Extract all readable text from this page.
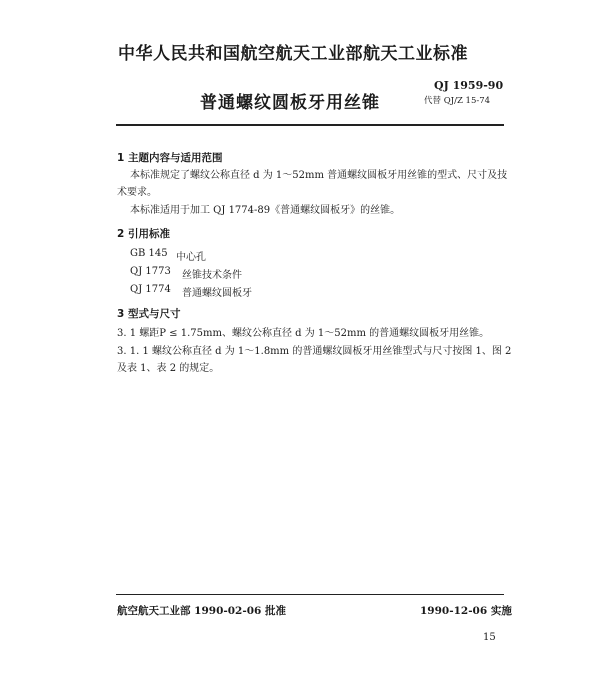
中华人民共和国航空航天工业部航天工业标准
QJ 1959-90
普通螺纹圆板牙用丝锥	代替 QJ/Z 15-74
1 主题内容与适用范围
本标准规定了螺纹公称直径 d 为 1～52mm 普通螺纹圆板牙用丝锥的型式、尺寸及技
术要求。
本标准适用于加工 QJ 1774-89《普通螺纹圆板牙》的丝锥。
2 引用标准
GB 145 中心孔
QJ 1773 丝锥技术条件
QJ 1774 普通螺纹圆板牙
3 型式与尺寸
3. 1 螺距P ≤ 1.75mm、螺纹公称直径 d 为 1～52mm 的普通螺纹圆板牙用丝锥。
3. 1. 1 螺纹公称直径 d 为 1～1.8mm 的普通螺纹圆板牙用丝锥型式与尺寸按图 1、图 2
及表 1、表 2 的规定。
航空航天工业部 1990-02-06 批准	1990-12-06 实施
15
